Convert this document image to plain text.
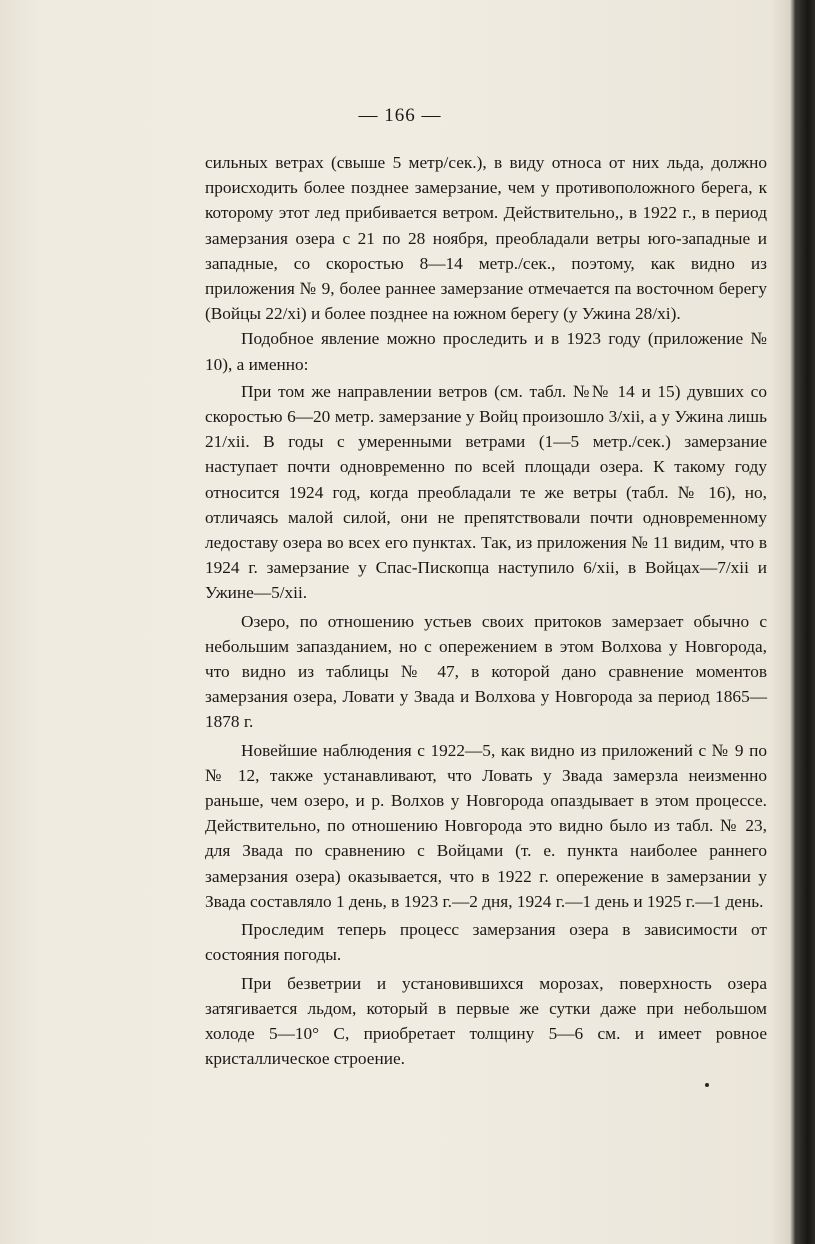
— 166 —

сильных ветрах (свыше 5 метр/сек.), в виду относа от них льда, должно происходить более позднее замерзание, чем у противоположного берега, к которому этот лед прибивается ветром. Действительно,, в 1922 г., в период замерзания озера с 21 по 28 ноября, преобладали ветры юго-западные и западные, со скоростью 8—14 метр./сек., поэтому, как видно из приложения № 9, более раннее замерзание отмечается па восточном берегу (Войцы 22/xi) и более позднее на южном берегу (у Ужина 28/xi).

Подобное явление можно проследить и в 1923 году (приложение № 10), а именно:

При том же направлении ветров (см. табл. №№ 14 и 15) дувших со скоростью 6—20 метр. замерзание у Войц произошло 3/xii, а у Ужина лишь 21/xii. В годы с умеренными ветрами (1—5 метр./сек.) замерзание наступает почти одновременно по всей площади озера. К такому году относится 1924 год, когда преобладали те же ветры (табл. № 16), но, отличаясь малой силой, они не препятствовали почти одновременному ледоставу озера во всех его пунктах. Так, из приложения № 11 видим, что в 1924 г. замерзание у Спас-Пископца наступило 6/xii, в Войцах—7/xii и Ужине—5/xii.

Озеро, по отношению устьев своих притоков замерзает обычно с небольшим запазданием, но с опережением в этом Волхова у Новгорода, что видно из таблицы № 47, в которой дано сравнение моментов замерзания озера, Ловати у Звада и Волхова у Новгорода за период 1865—1878 г.

Новейшие наблюдения с 1922—5, как видно из приложений с № 9 по № 12, также устанавливают, что Ловать у Звада замерзла неизменно раньше, чем озеро, и р. Волхов у Новгорода опаздывает в этом процессе. Действительно, по отношению Новгорода это видно было из табл. № 23, для Звада по сравнению с Войцами (т. е. пункта наиболее раннего замерзания озера) оказывается, что в 1922 г. опережение в замерзании у Звада составляло 1 день, в 1923 г.—2 дня, 1924 г.—1 день и 1925 г.—1 день.

Проследим теперь процесс замерзания озера в зависимости от состояния погоды.

При безветрии и установившихся морозах, поверхность озера затягивается льдом, который в первые же сутки даже при небольшом холоде 5—10° С, приобретает толщину 5—6 см. и имеет ровное кристаллическое строение.
